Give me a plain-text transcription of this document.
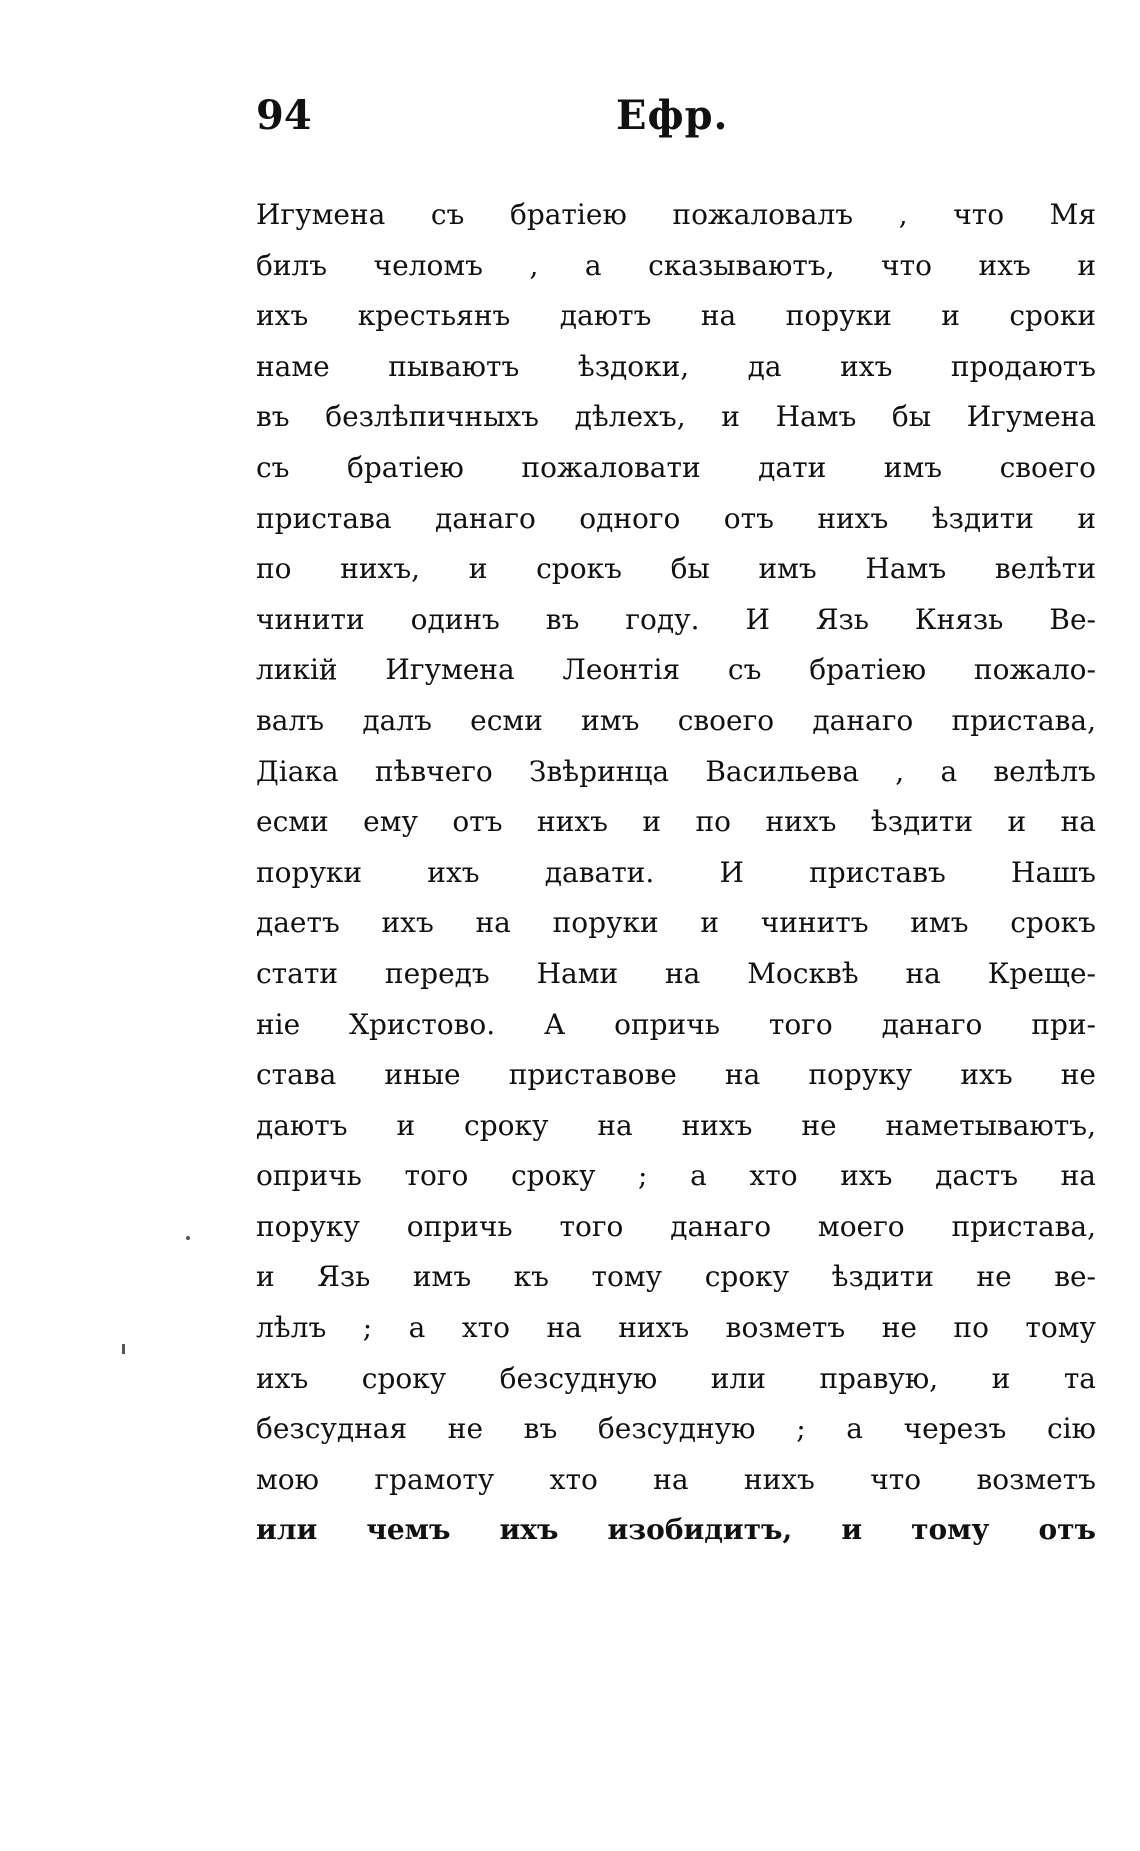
94	Ефр.
Игумена съ братіею пожаловалъ , что Мя
билъ челомъ , а сказываютъ, что ихъ и
ихъ крестьянъ даютъ на поруки и сроки
наме пываютъ ѣздоки, да ихъ продаютъ
въ безлѣпичныхъ дѣлехъ, и Намъ бы Игумена
съ братіею пожаловати дати имъ своего
пристава данаго одного отъ нихъ ѣздити и
по нихъ, и срокъ бы имъ Намъ велѣти
чинити одинъ въ году. И Язь Князь Ве-
ликій Игумена Леонтія съ братіею пожало-
валъ далъ есми имъ своего данаго пристава,
Діака пѣвчего Звѣринца Васильева , а велѣлъ
есми ему отъ нихъ и по нихъ ѣздити и на
поруки ихъ давати. И приставъ Нашъ
даетъ ихъ на поруки и чинитъ имъ срокъ
стати передъ Нами на Москвѣ на Креще-
ніе Христово. А опричь того данаго при-
става иные приставове на поруку ихъ не
даютъ и сроку на нихъ не наметываютъ,
опричь того сроку ; а хто ихъ дастъ на
поруку опричь того данаго моего пристава,
и Язь имъ къ тому сроку ѣздити не ве-
лѣлъ ; а хто на нихъ возметъ не по тому
ихъ сроку безсудную или правую, и та
безсудная не въ безсудную ; а черезъ сію
мою грамоту хто на нихъ что возметъ
или чемъ ихъ изобидитъ, и тому отъ
